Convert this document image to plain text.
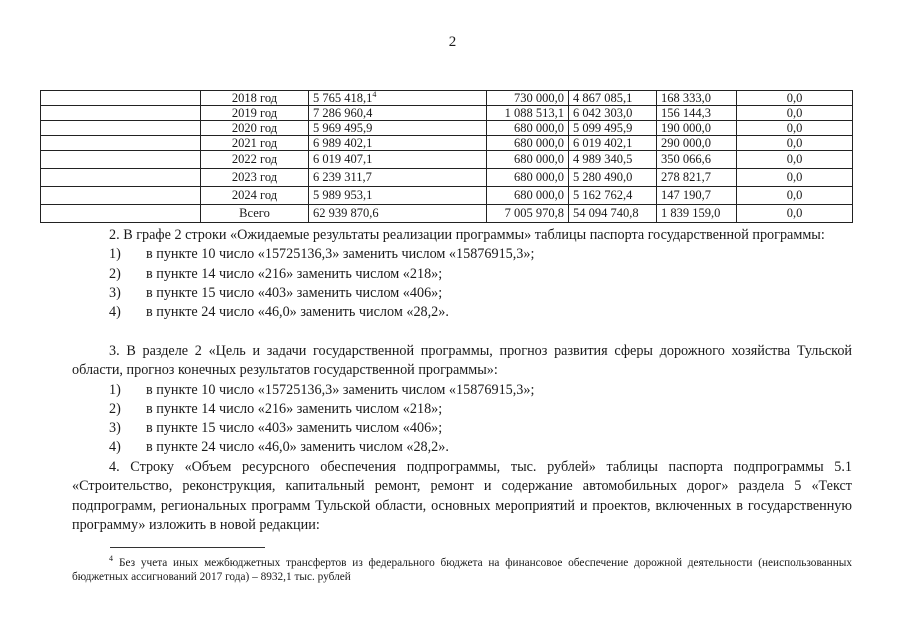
2
	2018 год	5 765 418,1$^4$	730 000,0	4 867 085,1	168 333,0	0,0
	2019 год	7 286 960,4	1 088 513,1	6 042 303,0	156 144,3	0,0
	2020 год	5 969 495,9	680 000,0	5 099 495,9	190 000,0	0,0
	2021 год	6 989 402,1	680 000,0	6 019 402,1	290 000,0	0,0
	2022 год	6 019 407,1	680 000,0	4 989 340,5	350 066,6	0,0
	2023 год	6 239 311,7	680 000,0	5 280 490,0	278 821,7	0,0
	2024 год	5 989 953,1	680 000,0	5 162 762,4	147 190,7	0,0
	Всего	62 939 870,6	7 005 970,8	54 094 740,8	1 839 159,0	0,0

2. В графе 2 строки «Ожидаемые результаты реализации программы» таблицы паспорта государственной программы:

1)	в пункте 10 число «15725136,3» заменить числом «15876915,3»;
2)	в пункте 14 число «216» заменить числом «218»;
3)	в пункте 15 число «403» заменить числом «406»;
4)	в пункте 24 число «46,0» заменить числом «28,2».

3. В разделе 2 «Цель и задачи государственной программы, прогноз развития сферы дорожного хозяйства Тульской области, прогноз конечных результатов государственной программы»:

1)	в пункте 10 число «15725136,3» заменить числом «15876915,3»;
2)	в пункте 14 число «216» заменить числом «218»;
3)	в пункте 15 число «403» заменить числом «406»;
4)	в пункте 24 число «46,0» заменить числом «28,2».

4. Строку «Объем ресурсного обеспечения подпрограммы, тыс. рублей» таблицы паспорта подпрограммы 5.1 «Строительство, реконструкция, капитальный ремонт, ремонт и содержание автомобильных дорог» раздела 5 «Текст подпрограмм, региональных программ Тульской области, основных мероприятий и проектов, включенных в государственную программу» изложить в новой редакции:

$^4$ Без учета иных межбюджетных трансфертов из федерального бюджета на финансовое обеспечение дорожной деятельности (неиспользованных бюджетных ассигнований 2017 года) – 8932,1 тыс. рублей
